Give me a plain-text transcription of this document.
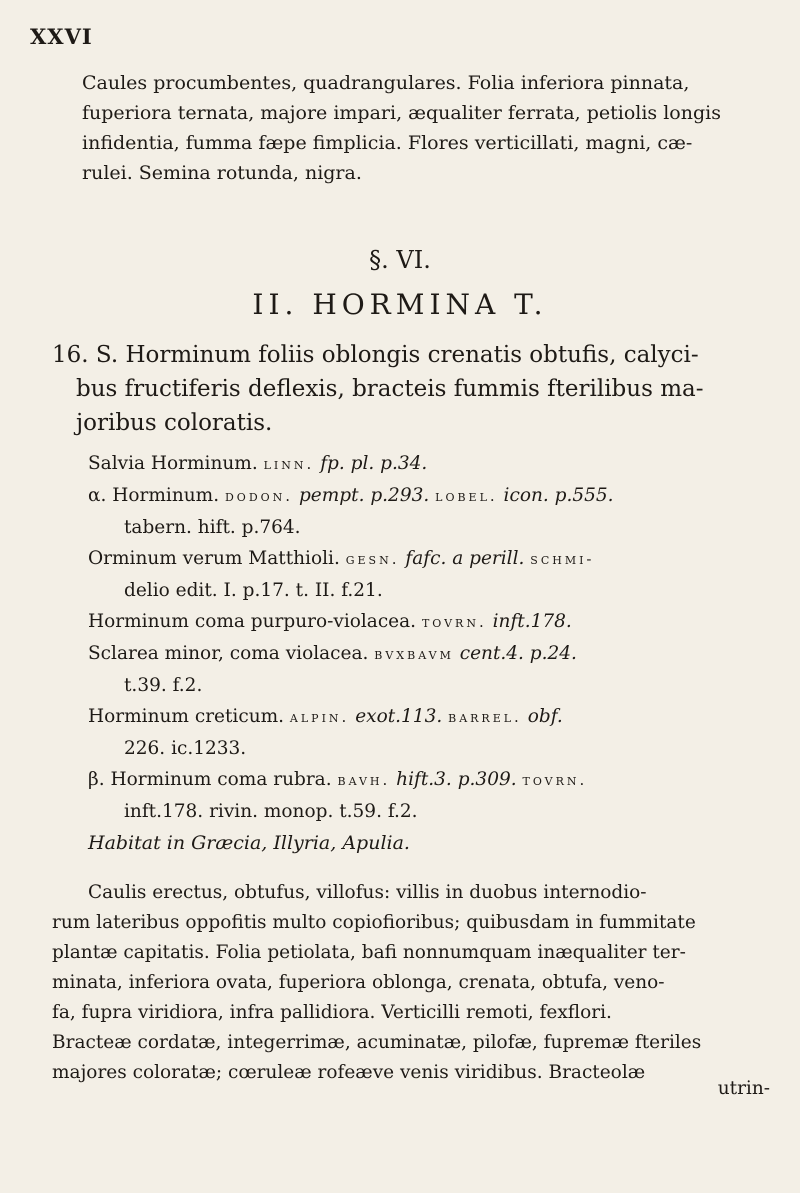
XXVI
Caules procumbentes, quadrangulares. Folia inferiora pinnata,
fuperiora ternata, majore impari, æqualiter ferrata, petiolis longis
infidentia, fumma fæpe fimplicia. Flores verticillati, magni, cæ-
rulei. Semina rotunda, nigra.
§. VI.
II. HORMINA T.
16. S. Horminum foliis oblongis crenatis obtufis, calyci-
bus fructiferis deflexis, bracteis fummis fterilibus ma-
joribus coloratis.
Salvia Horminum. linn. fp. pl. p.34.
α. Horminum. dodon. pempt. p.293. lobel. icon. p.555.
tabern. hift. p.764.
Orminum verum Matthioli. gesn. fafc. a perill. schmi-
delio edit. I. p.17. t. II. f.21.
Horminum coma purpuro-violacea. tovrn. inft.178.
Sclarea minor, coma violacea. bvxbavm cent.4. p.24.
t.39. f.2.
Horminum creticum. alpin. exot.113. barrel. obf.
226. ic.1233.
β. Horminum coma rubra. bavh. hift.3. p.309. tovrn.
inft.178. rivin. monop. t.59. f.2.
Habitat in Græcia, Illyria, Apulia.
Caulis erectus, obtufus, villofus: villis in duobus internodio-
rum lateribus oppofitis multo copiofioribus; quibusdam in fummitate
plantæ capitatis. Folia petiolata, bafi nonnumquam inæqualiter ter-
minata, inferiora ovata, fuperiora oblonga, crenata, obtufa, veno-
fa, fupra viridiora, infra pallidiora. Verticilli remoti, fexflori.
Bracteæ cordatæ, integerrimæ, acuminatæ, pilofæ, fupremæ fteriles
majores coloratæ; cœruleæ rofeæve venis viridibus. Bracteolæ
utrin-
